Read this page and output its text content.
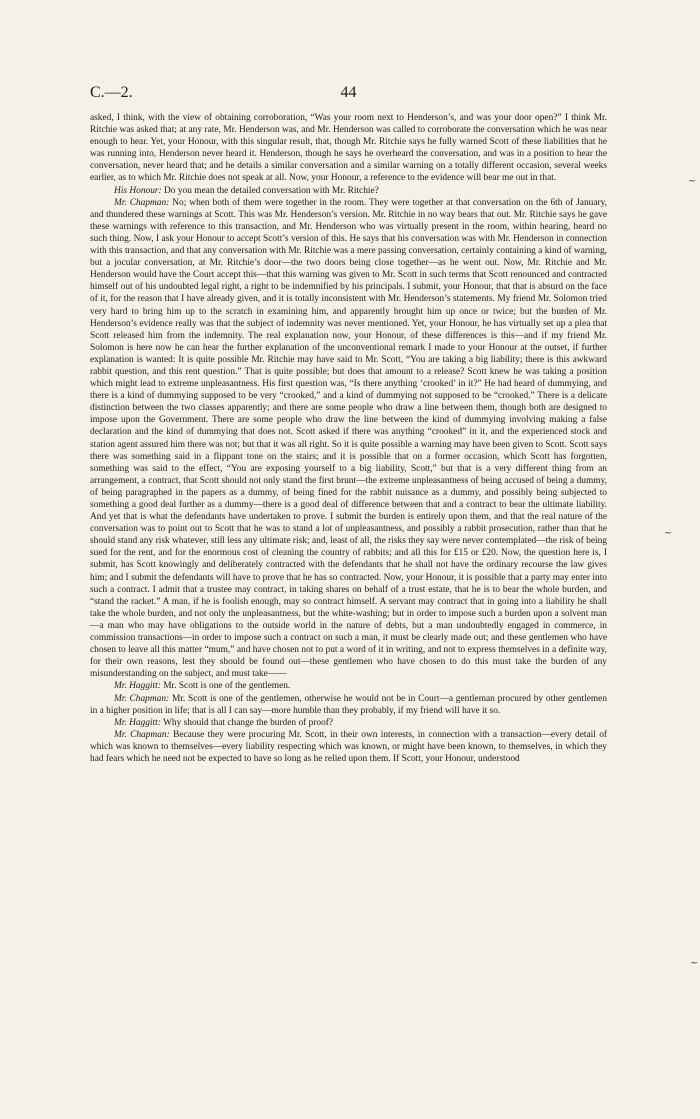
C.—2.	44
~
~
~

asked, I think, with the view of obtaining corroboration, “Was your room next to Henderson’s, and was your door open?” I think Mr. Ritchie was asked that; at any rate, Mr. Henderson was, and Mr. Henderson was called to corroborate the conversation which he was near enough to hear. Yet, your Honour, with this singular result, that, though Mr. Ritchie says he fully warned Scott of these liabilities that he was running into, Henderson never heard it. Henderson, though he says he overheard the conversation, and was in a position to hear the conversation, never heard that; and he details a similar conversation and a similar warning on a totally different occasion, several weeks earlier, as to which Mr. Ritchie does not speak at all. Now, your Honour, a reference to the evidence will bear me out in that.

His Honour: Do you mean the detailed conversation with Mr. Ritchie?

Mr. Chapman: No; when both of them were together in the room. They were together at that conversation on the 6th of January, and thundered these warnings at Scott. This was Mr. Henderson’s version. Mr. Ritchie in no way bears that out. Mr. Ritchie says he gave these warnings with reference to this transaction, and Mr. Henderson who was virtually present in the room, within hearing, heard no such thing. Now, I ask your Honour to accept Scott’s version of this. He says that his conversation was with Mr. Henderson in connection with this transaction, and that any conversation with Mr. Ritchie was a mere passing conversation, certainly containing a kind of warning, but a jocular conversation, at Mr. Ritchie’s door—the two doors being close together—as he went out. Now, Mr. Ritchie and Mr. Henderson would have the Court accept this—that this warning was given to Mr. Scott in such terms that Scott renounced and contracted himself out of his undoubted legal right, a right to be indemnified by his principals. I submit, your Honour, that that is absurd on the face of it, for the reason that I have already given, and it is totally inconsistent with Mr. Henderson’s statements. My friend Mr. Solomon tried very hard to bring him up to the scratch in examining him, and apparently brought him up once or twice; but the burden of Mr. Henderson’s evidence really was that the subject of indemnity was never mentioned. Yet, your Honour, he has virtually set up a plea that Scott released him from the indemnity. The real explanation now, your Honour, of these differences is this—and if my friend Mr. Solomon is here now he can hear the further explanation of the unconventional remark I made to your Honour at the outset, if further explanation is wanted: It is quite possible Mr. Ritchie may have said to Mr. Scott, “You are taking a big liability; there is this awkward rabbit question, and this rent question.” That is quite possible; but does that amount to a release? Scott knew he was taking a position which might lead to extreme unpleasantness. His first question was, “Is there anything ‘crooked’ in it?” He had heard of dummying, and there is a kind of dummying supposed to be very “crooked,” and a kind of dummying not supposed to be “crooked.” There is a delicate distinction between the two classes apparently; and there are some people who draw a line between them, though both are designed to impose upon the Government. There are some people who draw the line between the kind of dummying involving making a false declaration and the kind of dummying that does not. Scott asked if there was anything “crooked” in it, and the experienced stock and station agent assured him there was not; but that it was all right. So it is quite possible a warning may have been given to Scott. Scott says there was something said in a flippant tone on the stairs; and it is possible that on a former occasion, which Scott has forgotten, something was said to the effect, “You are exposing yourself to a big liability, Scott,” but that is a very different thing from an arrangement, a contract, that Scott should not only stand the first brunt—the extreme unpleasantness of being accused of being a dummy, of being paragraphed in the papers as a dummy, of being fined for the rabbit nuisance as a dummy, and possibly being subjected to something a good deal further as a dummy—there is a good deal of difference between that and a contract to bear the ultimate liability. And yet that is what the defendants have undertaken to prove. I submit the burden is entirely upon them, and that the real nature of the conversation was to point out to Scott that he was to stand a lot of unpleasantness, and possibly a rabbit prosecution, rather than that he should stand any risk whatever, still less any ultimate risk; and, least of all, the risks they say were never contemplated—the risk of being sued for the rent, and for the enormous cost of cleaning the country of rabbits; and all this for £15 or £20. Now, the question here is, I submit, has Scott knowingly and deliberately contracted with the defendants that he shall not have the ordinary recourse the law gives him; and I submit the defendants will have to prove that he has so contracted. Now, your Honour, it is possible that a party may enter into such a contract. I admit that a trustee may contract, in taking shares on behalf of a trust estate, that he is to bear the whole burden, and “stand the racket.” A man, if he is foolish enough, may so contract himself. A servant may contract that in going into a liability he shall take the whole burden, and not only the unpleasantness, but the white-washing; but in order to impose such a burden upon a solvent man—a man who may have obligations to the outside world in the nature of debts, but a man undoubtedly engaged in commerce, in commission transactions—in order to impose such a contract on such a man, it must be clearly made out; and these gentlemen who have chosen to leave all this matter “mum,” and have chosen not to put a word of it in writing, and not to express themselves in a definite way, for their own reasons, lest they should be found out—these gentlemen who have chosen to do this must take the burden of any misunderstanding on the subject, and must take——

Mr. Haggitt: Mr. Scott is one of the gentlemen.

Mr. Chapman: Mr. Scott is one of the gentlemen, otherwise he would not be in Court—a gentleman procured by other gentlemen in a higher position in life; that is all I can say—more humble than they probably, if my friend will have it so.

Mr. Haggitt: Why should that change the burden of proof?

Mr. Chapman: Because they were procuring Mr. Scott, in their own interests, in connection with a transaction—every detail of which was known to themselves—every liability respecting which was known, or might have been known, to themselves, in which they had fears which he need not be expected to have so long as he relied upon them. If Scott, your Honour, understood
